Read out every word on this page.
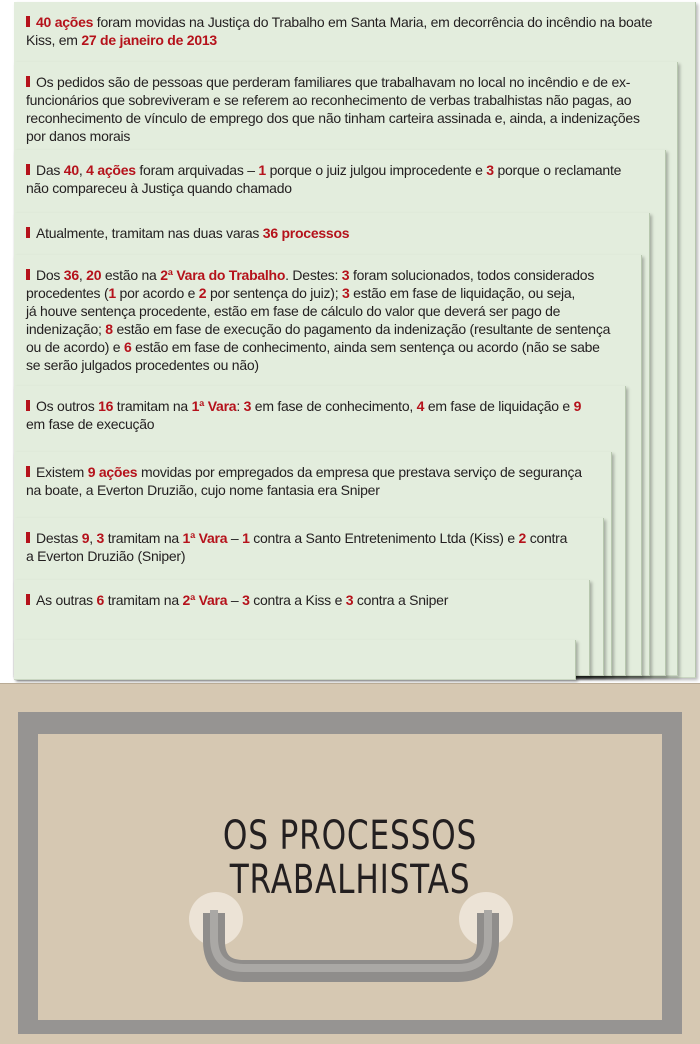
40 ações foram movidas na Justiça do Trabalho em Santa Maria, em decorrência do incêndio na boate
Kiss, em 27 de janeiro de 2013

Os pedidos são de pessoas que perderam familiares que trabalhavam no local no incêndio e de ex-
funcionários que sobreviveram e se referem ao reconhecimento de verbas trabalhistas não pagas, ao
reconhecimento de vínculo de emprego dos que não tinham carteira assinada e, ainda, a indenizações
por danos morais

Das 40, 4 ações foram arquivadas – 1 porque o juiz julgou improcedente e 3 porque o reclamante
não compareceu à Justiça quando chamado

Atualmente, tramitam nas duas varas 36 processos

Dos 36, 20 estão na 2ª Vara do Trabalho. Destes: 3 foram solucionados, todos considerados
procedentes (1 por acordo e 2 por sentença do juiz); 3 estão em fase de liquidação, ou seja,
já houve sentença procedente, estão em fase de cálculo do valor que deverá ser pago de
indenização; 8 estão em fase de execução do pagamento da indenização (resultante de sentença
ou de acordo) e 6 estão em fase de conhecimento, ainda sem sentença ou acordo (não se sabe
se serão julgados procedentes ou não)

Os outros 16 tramitam na 1ª Vara: 3 em fase de conhecimento, 4 em fase de liquidação e 9
em fase de execução

Existem 9 ações movidas por empregados da empresa que prestava serviço de segurança
na boate, a Everton Druzião, cujo nome fantasia era Sniper

Destas 9, 3 tramitam na 1ª Vara – 1 contra a Santo Entretenimento Ltda (Kiss) e 2 contra
a Everton Druzião (Sniper)

As outras 6 tramitam na 2ª Vara – 3 contra a Kiss e 3 contra a Sniper

OS PROCESSOS
TRABALHISTAS
